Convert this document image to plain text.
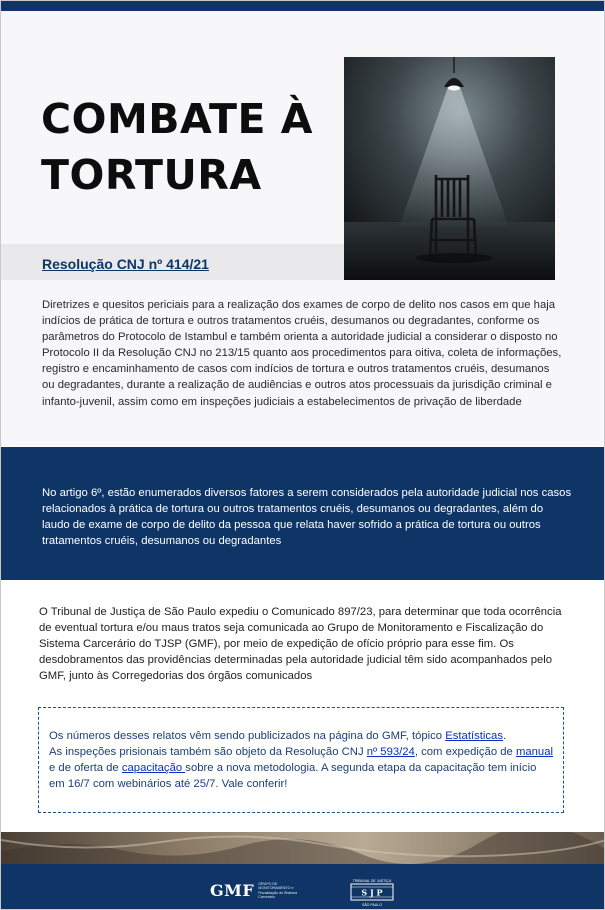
COMBATE À
TORTURA
Resolução CNJ nº 414/21

Diretrizes e quesitos periciais para a realização dos exames de corpo de delito nos casos em que haja indícios de prática de tortura e outros tratamentos cruéis, desumanos ou degradantes, conforme os parâmetros do Protocolo de Istambul e também orienta a autoridade judicial a considerar o disposto no Protocolo II da Resolução CNJ no 213/15 quanto aos procedimentos para oitiva, coleta de informações, registro e encaminhamento de casos com indícios de tortura e outros tratamentos cruéis, desumanos ou degradantes, durante a realização de audiências e outros atos processuais da jurisdição criminal e infanto-juvenil, assim como em inspeções judiciais a estabelecimentos de privação de liberdade

No artigo 6º, estão enumerados diversos fatores a serem considerados pela autoridade judicial nos casos relacionados à prática de tortura ou outros tratamentos cruéis, desumanos ou degradantes, além do laudo de exame de corpo de delito da pessoa que relata haver sofrido a prática de tortura ou outros tratamentos cruéis, desumanos ou degradantes

O Tribunal de Justiça de São Paulo expediu o Comunicado 897/23, para determinar que toda ocorrência de eventual tortura e/ou maus tratos seja comunicada ao Grupo de Monitoramento e Fiscalização do Sistema Carcerário do TJSP (GMF), por meio de expedição de ofício próprio para esse fim. Os desdobramentos das providências determinadas pela autoridade judicial têm sido acompanhados pelo GMF, junto às Corregedorias dos órgãos comunicados

Os números desses relatos vêm sendo publicizados na página do GMF, tópico Estatísticas.

As inspeções prisionais também são objeto da Resolução CNJ nº 593/24, com expedição de manual e de oferta de capacitação sobre a nova metodologia. A segunda etapa da capacitação tem início em 16/7 com webinários até 25/7. Vale conferir!

GMF GRUPO DE MONITORAMENTO e Fiscalização do Sistema Carcerário
TRIBUNAL DE JUSTIÇA
S J P
SÃO PAULO
